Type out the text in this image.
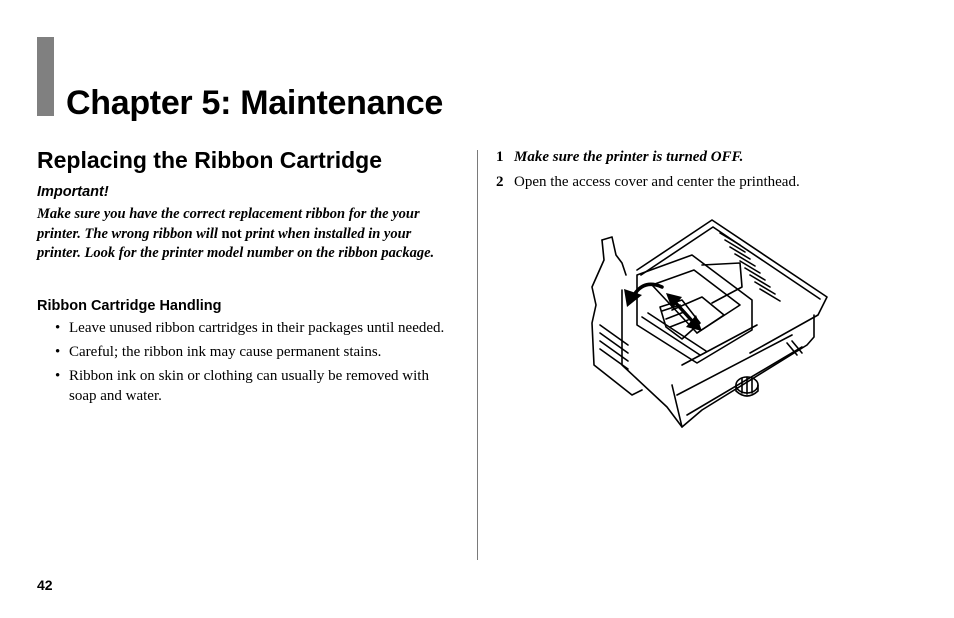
Chapter 5: Maintenance
Replacing the Ribbon Cartridge
Important!
Make sure you have the correct replacement ribbon for the your printer. The wrong ribbon will not print when installed in your printer. Look for the printer model number on the ribbon package.
Ribbon Cartridge Handling
• Leave unused ribbon cartridges in their packages until needed.
• Careful; the ribbon ink may cause permanent stains.
• Ribbon ink on skin or clothing can usually be removed with soap and water.
1 Make sure the printer is turned OFF.
2 Open the access cover and center the printhead.
42
